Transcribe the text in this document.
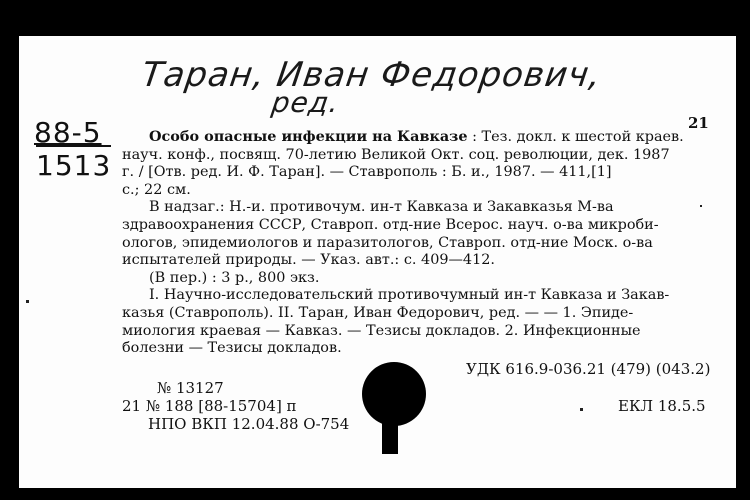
Таран, Иван Федорович,
ред.
88-5
1513
21
Особо опасные инфекции на Кавказе : Тез. докл. к шестой краев.
науч. конф., посвящ. 70-летию Великой Окт. соц. революции, дек. 1987
г. / [Отв. ред. И. Ф. Таран]. — Ставрополь : Б. и., 1987. — 411,[1]
с.; 22 см.
В надзаг.: Н.-и. противочум. ин-т Кавказа и Закавказья М-ва
здравоохранения СССР, Ставроп. отд-ние Всерос. науч. о-ва микроби-
ологов, эпидемиологов и паразитологов, Ставроп. отд-ние Моск. о-ва
испытателей природы. — Указ. авт.: с. 409—412.
(В пер.) : 3 р., 800 экз.
I. Научно-исследовательский противочумный ин-т Кавказа и Закав-
казья (Ставрополь). II. Таран, Иван Федорович, ред. — — 1. Эпиде-
миология краевая — Кавказ. — Тезисы докладов. 2. Инфекционные
болезни — Тезисы докладов.
УДК 616.9-036.21 (479) (043.2)
№ 13127
21 № 188 [88-15704] п	ЕКЛ 18.5.5
НПО ВКП 12.04.88 О-754
